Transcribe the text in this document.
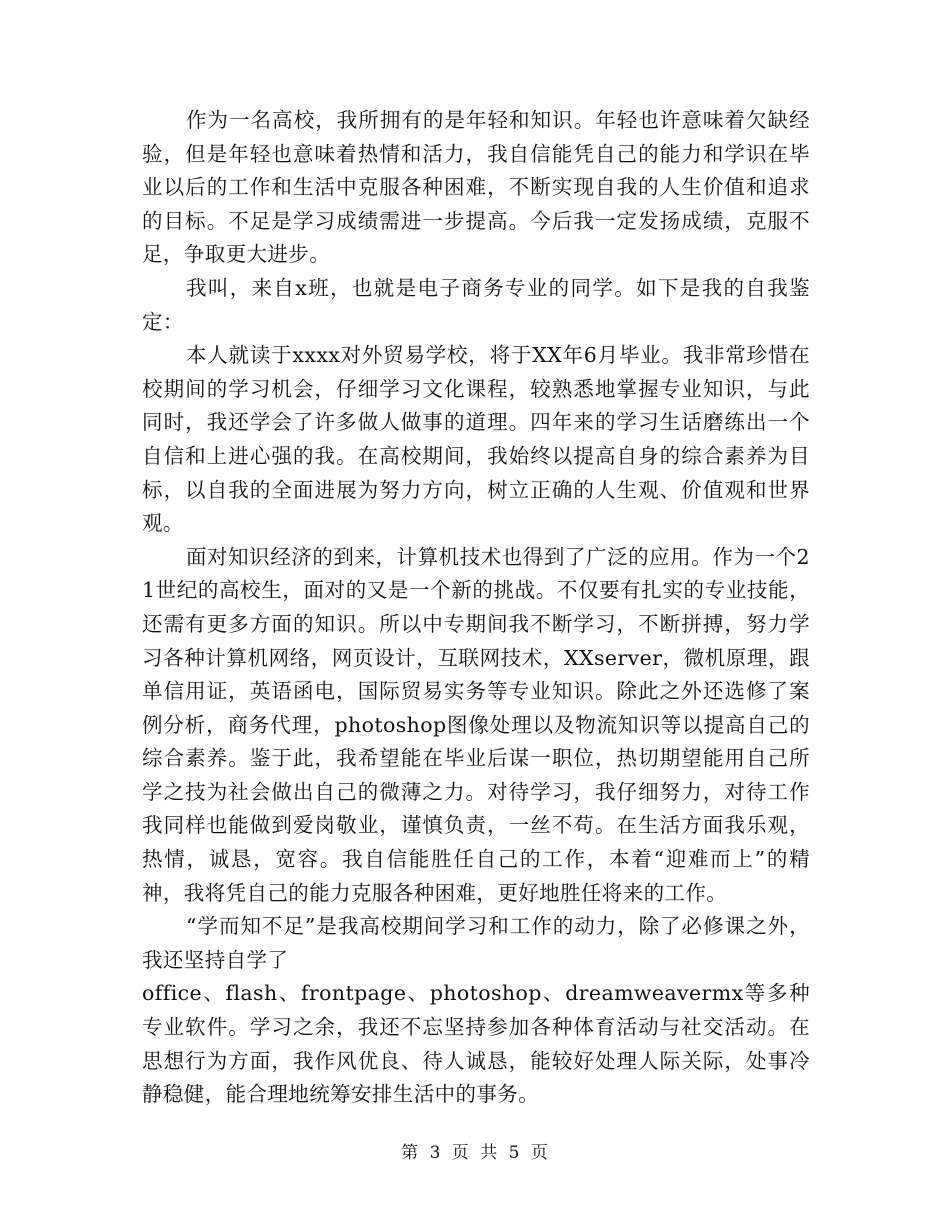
作为一名高校，我所拥有的是年轻和知识。年轻也许意味着欠缺经验，但是年轻也意味着热情和活力，我自信能凭自己的能力和学识在毕业以后的工作和生活中克服各种困难，不断实现自我的人生价值和追求的目标。不足是学习成绩需进一步提高。今后我一定发扬成绩，克服不足，争取更大进步。

我叫，来自x班，也就是电子商务专业的同学。如下是我的自我鉴定：

本人就读于xxxx对外贸易学校，将于XX年6月毕业。我非常珍惜在校期间的学习机会，仔细学习文化课程，较熟悉地掌握专业知识，与此同时，我还学会了许多做人做事的道理。四年来的学习生话磨练出一个自信和上进心强的我。在高校期间，我始终以提高自身的综合素养为目标，以自我的全面进展为努力方向，树立正确的人生观、价值观和世界观。

面对知识经济的到来，计算机技术也得到了广泛的应用。作为一个21世纪的高校生，面对的又是一个新的挑战。不仅要有扎实的专业技能，还需有更多方面的知识。所以中专期间我不断学习，不断拼搏，努力学习各种计算机网络，网页设计，互联网技术，XXserver，微机原理，跟单信用证，英语函电，国际贸易实务等专业知识。除此之外还选修了案例分析，商务代理，photoshop图像处理以及物流知识等以提高自己的综合素养。鉴于此，我希望能在毕业后谋一职位，热切期望能用自己所学之技为社会做出自己的微薄之力。对待学习，我仔细努力，对待工作我同样也能做到爱岗敬业，谨慎负责，一丝不苟。在生活方面我乐观，热情，诚恳，宽容。我自信能胜任自己的工作，本着“迎难而上”的精神，我将凭自己的能力克服各种困难，更好地胜任将来的工作。

“学而知不足”是我高校期间学习和工作的动力，除了必修课之外，我还坚持自学了

office、flash、frontpage、photoshop、dreamweavermx等多种专业软件。学习之余，我还不忘坚持参加各种体育活动与社交活动。在思想行为方面，我作风优良、待人诚恳，能较好处理人际关际，处事冷静稳健，能合理地统筹安排生活中的事务。

第 3 页 共 5 页
